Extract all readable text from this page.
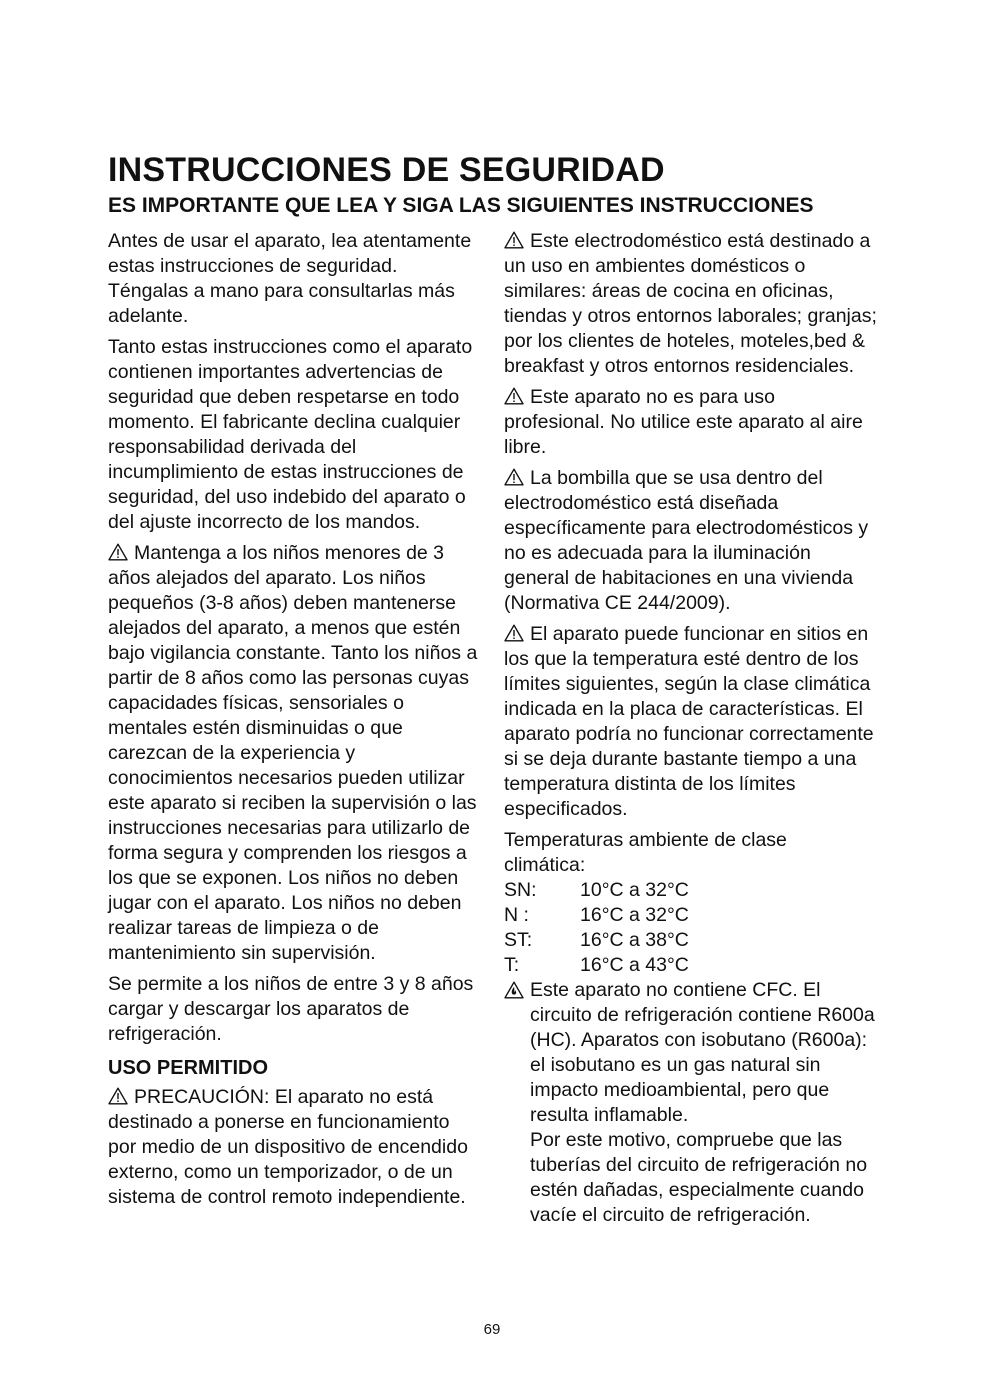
INSTRUCCIONES DE SEGURIDAD
ES IMPORTANTE QUE LEA Y SIGA LAS SIGUIENTES INSTRUCCIONES

Antes de usar el aparato, lea atentamente estas instrucciones de seguridad. Téngalas a mano para consultarlas más adelante.

Tanto estas instrucciones como el aparato contienen importantes advertencias de seguridad que deben respetarse en todo momento. El fabricante declina cualquier responsabilidad derivada del incumplimiento de estas instrucciones de seguridad, del uso indebido del aparato o del ajuste incorrecto de los mandos.

Mantenga a los niños menores de 3 años alejados del aparato. Los niños pequeños (3-8 años) deben mantenerse alejados del aparato, a menos que estén bajo vigilancia constante. Tanto los niños a partir de 8 años como las personas cuyas capacidades físicas, sensoriales o mentales estén disminuidas o que carezcan de la experiencia y conocimientos necesarios pueden utilizar este aparato si reciben la supervisión o las instrucciones necesarias para utilizarlo de forma segura y comprenden los riesgos a los que se exponen. Los niños no deben jugar con el aparato. Los niños no deben realizar tareas de limpieza o de mantenimiento sin supervisión.

Se permite a los niños de entre 3 y 8 años cargar y descargar los aparatos de refrigeración.

USO PERMITIDO

PRECAUCIÓN: El aparato no está destinado a ponerse en funcionamiento por medio de un dispositivo de encendido externo, como un temporizador, o de un sistema de control remoto independiente.

Este electrodoméstico está destinado a un uso en ambientes domésticos o similares: áreas de cocina en oficinas, tiendas y otros entornos laborales; granjas; por los clientes de hoteles, moteles,bed & breakfast y otros entornos residenciales.

Este aparato no es para uso profesional. No utilice este aparato al aire libre.

La bombilla que se usa dentro del electrodoméstico está diseñada específicamente para electrodomésticos y no es adecuada para la iluminación general de habitaciones en una vivienda (Normativa CE 244/2009).

El aparato puede funcionar en sitios en los que la temperatura esté dentro de los límites siguientes, según la clase climática indicada en la placa de características. El aparato podría no funcionar correctamente si se deja durante bastante tiempo a una temperatura distinta de los límites especificados.

Temperaturas ambiente de clase climática:

SN:	10°C a 32°C
N :	16°C a 32°C
ST:	16°C a 38°C
T:	16°C a 43°C

Este aparato no contiene CFC. El circuito de refrigeración contiene R600a (HC). Aparatos con isobutano (R600a): el isobutano es un gas natural sin impacto medioambiental, pero que resulta inflamable.

Por este motivo, compruebe que las tuberías del circuito de refrigeración no estén dañadas, especialmente cuando vacíe el circuito de refrigeración.

69
